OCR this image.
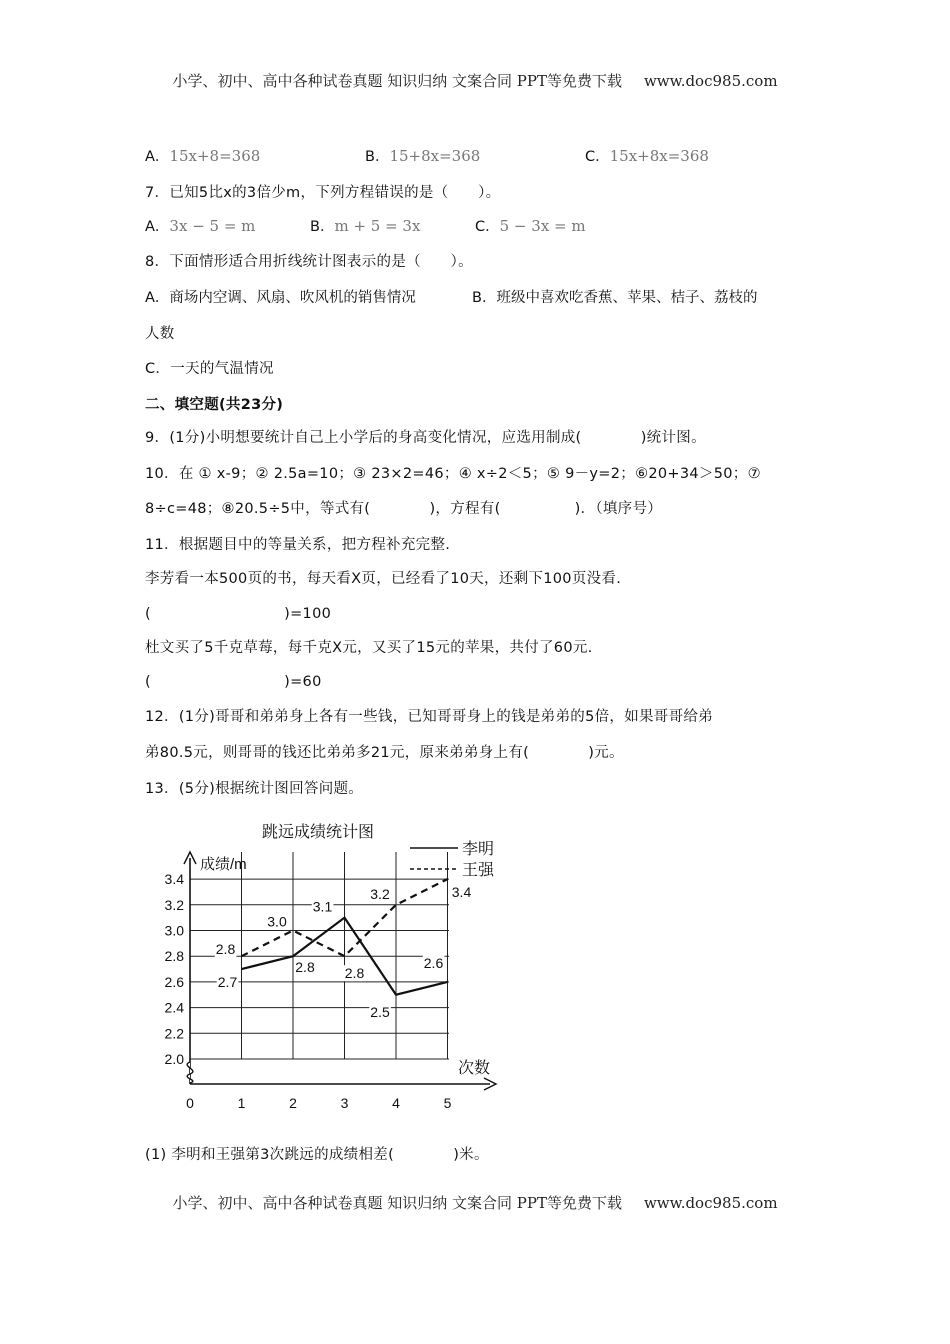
小学、初中、高中各种试卷真题 知识归纳 文案合同 PPT等免费下载 www.doc985.com
A．15x+8=368	B．15+8x=368	C．15x+8x=368
7．已知5比x的3倍少m，下列方程错误的是（　　）。
A．3x − 5 = m	B．m + 5 = 3x	C．5 − 3x = m
8．下面情形适合用折线统计图表示的是（　　）。
A．商场内空调、风扇、吹风机的销售情况	B．班级中喜欢吃香蕉、苹果、桔子、荔枝的
人数
C．一天的气温情况
二、填空题(共23分)
9．(1分)小明想要统计自己上小学后的身高变化情况，应选用制成(　　　　)统计图。
10．在 ① x-9；② 2.5a=10；③ 23×2=46；④ x÷2＜5；⑤ 9－y=2；⑥20+34＞50；⑦
8÷c=48；⑧20.5÷5中，等式有(　　　　)，方程有(　　　　　)．（填序号）
11．根据题目中的等量关系，把方程补充完整.
李芳看一本500页的书，每天看X页，已经看了10天，还剩下100页没看.
(　　　　　　　　　)=100
杜文买了5千克草莓，每千克X元，又买了15元的苹果，共付了60元.
(　　　　　　　　　)=60
12．(1分)哥哥和弟弟身上各有一些钱，已知哥哥身上的钱是弟弟的5倍，如果哥哥给弟
弟80.5元，则哥哥的钱还比弟弟多21元，原来弟弟身上有(　　　　)元。
13．(5分)根据统计图回答问题。
2.0
2.2
2.4
2.6
2.8
3.0
3.2
3.4
0	1	2	3	4	5
跳远成绩统计图
成绩/m
次数
李明
王强
2.7
2.8
3.1
2.5
2.6
2.8
3.0
2.8
3.2	3.4
(1) 李明和王强第3次跳远的成绩相差(　　　　)米。
小学、初中、高中各种试卷真题 知识归纳 文案合同 PPT等免费下载 www.doc985.com
